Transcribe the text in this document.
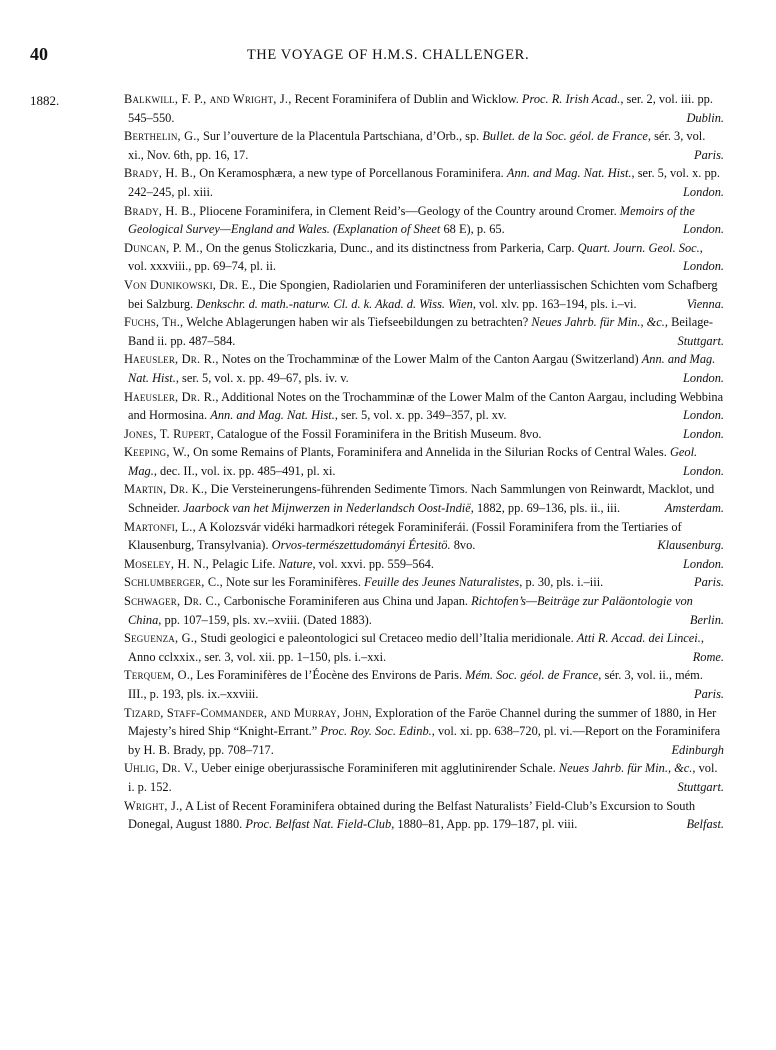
40	THE VOYAGE OF H.M.S. CHALLENGER.
1882.	Balkwill, F. P., and Wright, J., Recent Foraminifera of Dublin and Wicklow. Proc. R. Irish Acad., ser. 2, vol. iii. pp. 545–550.	Dublin.

Berthelin, G., Sur l’ouverture de la Placentula Partschiana, d’Orb., sp. Bullet. de la Soc. géol. de France, sér. 3, vol. xi., Nov. 6th, pp. 16, 17.	Paris.

Brady, H. B., On Keramosphæra, a new type of Porcellanous Foraminifera. Ann. and Mag. Nat. Hist., ser. 5, vol. x. pp. 242–245, pl. xiii.	London.

Brady, H. B., Pliocene Foraminifera, in Clement Reid’s—Geology of the Country around Cromer. Memoirs of the Geological Survey—England and Wales. (Explanation of Sheet 68 E), p. 65.	London.

Duncan, P. M., On the genus Stoliczkaria, Dunc., and its distinctness from Parkeria, Carp. Quart. Journ. Geol. Soc., vol. xxxviii., pp. 69–74, pl. ii.	London.

Von Dunikowski, Dr. E., Die Spongien, Radiolarien und Foraminiferen der unterliassischen Schichten vom Schafberg bei Salzburg. Denkschr. d. math.-naturw. Cl. d. k. Akad. d. Wiss. Wien, vol. xlv. pp. 163–194, pls. i.–vi.	Vienna.

Fuchs, Th., Welche Ablagerungen haben wir als Tiefseebildungen zu betrachten? Neues Jahrb. für Min., &c., Beilage-Band ii. pp. 487–584.	Stuttgart.

Haeusler, Dr. R., Notes on the Trochamminæ of the Lower Malm of the Canton Aargau (Switzerland) Ann. and Mag. Nat. Hist., ser. 5, vol. x. pp. 49–67, pls. iv. v.	London.

Haeusler, Dr. R., Additional Notes on the Trochamminæ of the Lower Malm of the Canton Aargau, including Webbina and Hormosina. Ann. and Mag. Nat. Hist., ser. 5, vol. x. pp. 349–357, pl. xv.	London.

Jones, T. Rupert, Catalogue of the Fossil Foraminifera in the British Museum. 8vo.	London.

Keeping, W., On some Remains of Plants, Foraminifera and Annelida in the Silurian Rocks of Central Wales. Geol. Mag., dec. II., vol. ix. pp. 485–491, pl. xi.	London.

Martin, Dr. K., Die Versteinerungens-führenden Sedimente Timors. Nach Sammlungen von Reinwardt, Macklot, und Schneider. Jaarbock van het Mijnwerzen in Nederlandsch Oost-Indië, 1882, pp. 69–136, pls. ii., iii.	Amsterdam.

Martonfi, L., A Kolozsvár vidéki harmadkori rétegek Foraminiferái. (Fossil Foraminifera from the Tertiaries of Klausenburg, Transylvania). Orvos-természettudományi Értesitö. 8vo.	Klausenburg.

Moseley, H. N., Pelagic Life. Nature, vol. xxvi. pp. 559–564.	London.

Schlumberger, C., Note sur les Foraminifères. Feuille des Jeunes Naturalistes, p. 30, pls. i.–iii.	Paris.

Schwager, Dr. C., Carbonische Foraminiferen aus China und Japan. Richtofen’s—Beiträge zur Paläontologie von China, pp. 107–159, pls. xv.–xviii. (Dated 1883).	Berlin.

Seguenza, G., Studi geologici e paleontologici sul Cretaceo medio dell’Italia meridionale. Atti R. Accad. dei Lincei., Anno cclxxix., ser. 3, vol. xii. pp. 1–150, pls. i.–xxi.	Rome.

Terquem, O., Les Foraminifères de l’Éocène des Environs de Paris. Mém. Soc. géol. de France, sér. 3, vol. ii., mém. III., p. 193, pls. ix.–xxviii.	Paris.

Tizard, Staff-Commander, and Murray, John, Exploration of the Faröe Channel during the summer of 1880, in Her Majesty’s hired Ship “Knight-Errant.” Proc. Roy. Soc. Edinb., vol. xi. pp. 638–720, pl. vi.—Report on the Foraminifera by H. B. Brady, pp. 708–717.	Edinburgh

Uhlig, Dr. V., Ueber einige oberjurassische Foraminiferen mit agglutinirender Schale. Neues Jahrb. für Min., &c., vol. i. p. 152.	Stuttgart.

Wright, J., A List of Recent Foraminifera obtained during the Belfast Naturalists’ Field-Club’s Excursion to South Donegal, August 1880. Proc. Belfast Nat. Field-Club, 1880–81, App. pp. 179–187, pl. viii.	Belfast.
